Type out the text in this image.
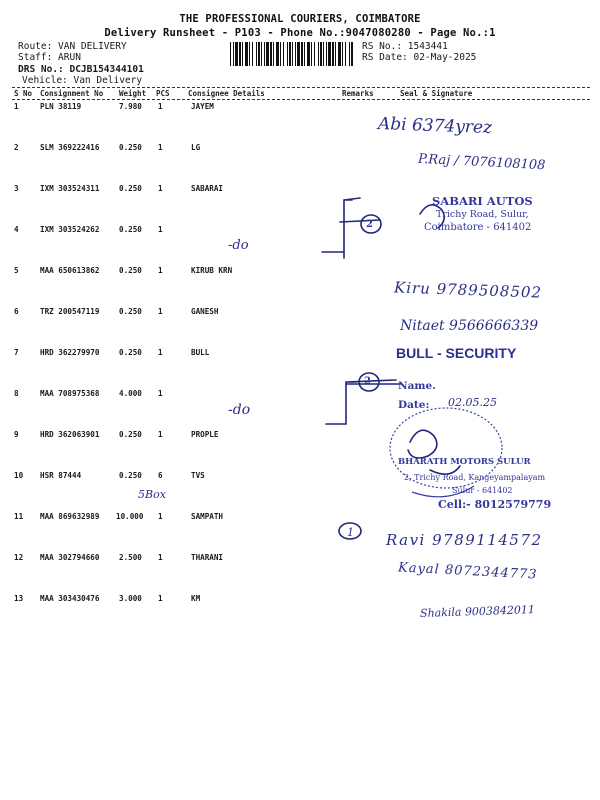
THE PROFESSIONAL COURIERS, COIMBATORE
Delivery Runsheet - P103 - Phone No.:9047080280 - Page No.:1
Route: VAN DELIVERY
Staff: ARUN
DRS No.: DCJB154344101
Vehicle: Van Delivery
RS No.: 1543441
RS Date: 02-May-2025
S No Consignment No Weight PCS Consignee Details	Remarks	Seal & Signature
1	PLN 38119	7.980 1	JAYEM
2	SLM 369222416	0.250 1	LG
3	IXM 303524311	0.250 1	SABARAI
4	IXM 303524262	0.250 1
5	MAA 650613862	0.250 1	KIRUB KRN
6	TRZ 200547119	0.250 1	GANESH
7	HRD 362279970	0.250 1	BULL
8	MAA 708975368	4.000 1
9	HRD 362063901	0.250 1	PROPLE
10 HSR 87444	0.250 6	TVS
11 MAA 869632989 10.000 1	SAMPATH
12 MAA 302794660	2.500 1	THARANI
13 MAA 303430476	3.000 1	KM
Abi 6374yrez
P.Raj / 7076108108
Kiru 9789508502
Nitaet 9566666339
Ravi 9789114572
Kayal 8072344773
Shakila 9003842011
-do
-do
5Box
1
2
2
SABARI AUTOS
Trichy Road, Sulur,
Coimbatore - 641402
BULL - SECURITY
Name.
Date: 02.05.25
BHARATH MOTORS SULUR
2, Trichy Road, Kangeyampalayam
Sulur - 641402
Cell:- 8012579779
